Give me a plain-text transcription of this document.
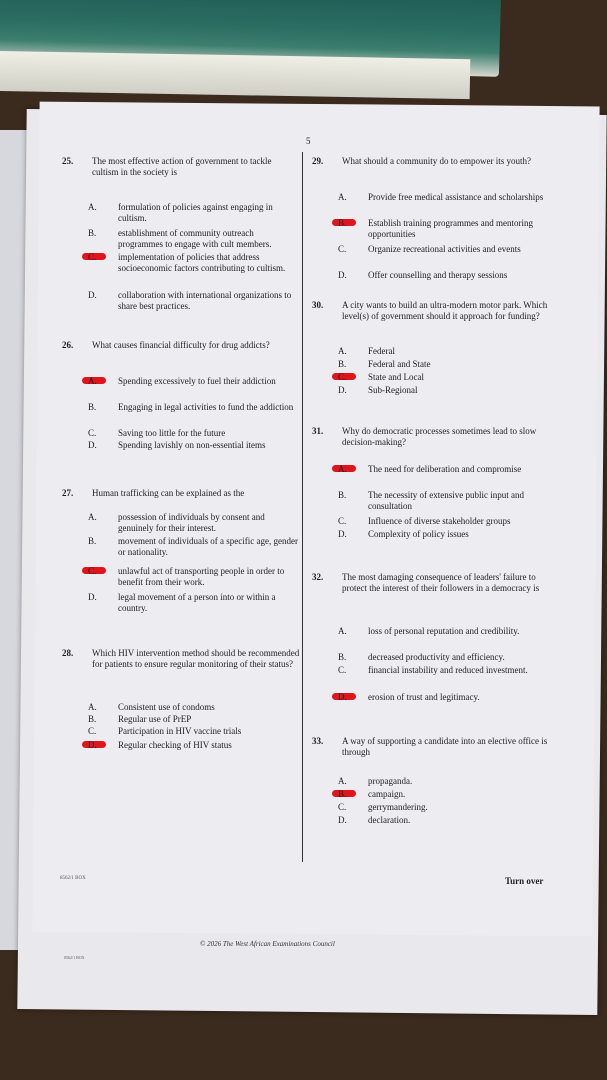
5
25. The most effective action of government to tackle cultism in the society is
A. formulation of policies against engaging in cultism.
B. establishment of community outreach programmes to engage with cult members.
C. implementation of policies that address socioeconomic factors contributing to cultism.
D. collaboration with international organizations to share best practices.
26. What causes financial difficulty for drug addicts?
A. Spending excessively to fuel their addiction
B. Engaging in legal activities to fund the addiction
C. Saving too little for the future
D. Spending lavishly on non-essential items
27. Human trafficking can be explained as the
A. possession of individuals by consent and genuinely for their interest.
B. movement of individuals of a specific age, gender or nationality.
C. unlawful act of transporting people in order to benefit from their work.
D. legal movement of a person into or within a country.
28. Which HIV intervention method should be recommended for patients to ensure regular monitoring of their status?
A. Consistent use of condoms
B. Regular use of PrEP
C. Participation in HIV vaccine trials
D. Regular checking of HIV status
29. What should a community do to empower its youth?
A. Provide free medical assistance and scholarships
B. Establish training programmes and mentoring opportunities
C. Organize recreational activities and events
D. Offer counselling and therapy sessions
30. A city wants to build an ultra-modern motor park. Which level(s) of government should it approach for funding?
A. Federal
B. Federal and State
C. State and Local
D. Sub-Regional
31. Why do democratic processes sometimes lead to slow decision-making?
A. The need for deliberation and compromise
B. The necessity of extensive public input and consultation
C. Influence of diverse stakeholder groups
D. Complexity of policy issues
32. The most damaging consequence of leaders' failure to protect the interest of their followers in a democracy is
A. loss of personal reputation and credibility.
B. decreased productivity and efficiency.
C. financial instability and reduced investment.
D. erosion of trust and legitimacy.
33. A way of supporting a candidate into an elective office is through
A. propaganda.
B. campaign.
C. gerrymandering.
D. declaration.
8562/1 BOX	Turn over
© 2026 The West African Examinations Council
0562/1 BOX
